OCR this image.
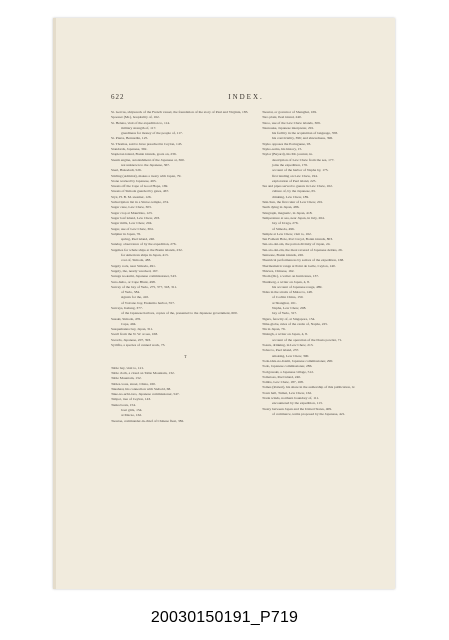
622	INDEX.
St. Gervas, shipwreck of the French vessel, the foundation of the story of Paul and Virginia, 183.
Spooner (Mr.), hospitality of, 162.
St. Helena, visit of the expedition to, 114.
military strength of, 117.
greediness for money of the people of, 117.
St. Pierre, Bernardin, 125.
St. Thomas, said to have preached in Ceylon, 145.
Standards, Japanese, 392.
Stapleton island, Bonin islands, goats on, 236.
Steam engine, astonishment of the Japanese at, 360.
not unknown to the Japanese, 367.
Steel, Hakodadi, 526.
Stirling (Admiral), makes a treaty with Japan, 79.
Stone worked by Japanese, 465.
Streets off the Cape of Good Hope, 169.
Streets of Simoda guarded by gates, 467.
Styx, H. B. M. steamer, 126.
Subscription list in a Sintoo temple, 474.
Sugar cane, Lew Chew, 303.
Sugar crop at Mauritius, 123.
Sugar loaf island, Lew Chew, 203.
Sugar mills, Lew Chew, 204.
Sugar, use of Lew Chew, 304.
Sulphur in Japan, 76.
spring, Peel island, 240.
Sunday, observance of by the expedition, 276.
Supplies for whale ships at the Bonin islands, 232.
for American ships in Japan, 413.
cost of, Simoda, 483.
Supply rock, near Simoda, 491.
Supply, the, nearly wrecked, 167.
Suruga no-kami, Japanese commissioner, 543.
Suro-hubo, or Cape Blunt, 498.
Survey of the bay of Yedo, 275, 377, 318, 311.
of Yedo, 384.
signals for the, 410.
of Volcano bay, Endermo harbor, 557.
Surveys, Kelung, 377.
of the Japanese harbors, copies of the, presented to the Japanese government, 600.
Susaki, Simoda, 476.
Cape, 494.
Susquehanna bay, Japan, 311.
Swell from the N. W. at sea, 168.
Swords, Japanese, 207, 393.
Syrlifia, a species of canned work, 73.
T
Table bay, visit to, 121.
Table cloth, a cloud on Table Mountain, 132.
Table Mountain, 132.
Tables-vous, street, China, 160.
Takahasi, his connection with Siebold, 68.
Take-no-uchi-taro, Japanese commissioner, 547.
Talipot, tree of Ceylon, 143.
Tanka boats, 154.
boat girls, 154.
at Macao, 162.
Taoutae, commander-in-chief of Chinese fleet, 382.
Taoutai, or governor of Shanghai, 169.
Taro plant, Peel island, 240.
Tatoo, use of the Lew Chew islands, 309.
Tatenoske, Japanese interpreter, 291.
his facility in the acquisition of language, 358.
his conviviality, 396; and shrewdness, 396.
Tayko opposes the Portuguese, 93.
Tayko-soma, his history, 15.
Taylor (Bayard), his Mr. journal, in.
description of Lew Chew from the sea, 177.
joins the expedition, 176.
account of the harbor of Napha by, 175.
first landing on Lew Chew, 194.
exploration of Peel island, 225.
Tea and pipes served to guests in Lew Chew, 162.
culture of, by the Japanese, 65.
drinking, Lew Chew, 189.
Tein-Sun, the first ruler of Lew Chew, 201.
Teeth dying in Japan, 486.
Telegraph, magnetic, in Japan, 418.
Temperature at sea, near Japan, in July, 264.
bay of Uraga, 276.
of Simoda, 496.
Temple at Lew Chew, visit to, 162.
Ten Fathom Hole, Port Lloyd, Bonin islands, 803.
Ten-sio-dai-sin, the patron divinity of Japan, 24.
Ten-sio-dai-zin, the most revered of Japanese deities, 26.
Tentsone, Bonin islands, 226.
Theatrical performances by sailors of the expedition, 168.
Thermometric range at Point de Galle, Ceylon, 140.
Thieves, Chinese, 162.
Thom (Dr.), a writer on hurricanes, 137.
Thunberg, a writer on Japan, 4, 8.
his account of Japanese rouge, 489.
Tides in the straits of Malacca, 148.
of Cochin China, 150.
at Shanghai, 161.
Napha, Lew Chew, 208.
bay of Yedo, 317.
Tigers, ferocity of, at Singapore, 154.
Time-globe, rules of the castle of, Napha, 225.
Tin in Japan, 76.
Titsingh, a writer on Japan, 4, 8.
account of the operation of the Dosia powder, 71.
Toasts, drinking, in Lew Chew, 213.
Tobacco, Peel island, 237.
smoking, Lew Chew, 390.
Toda-idzu-no-Kami, Japanese commissioner, 290.
Todo, Japanese commissioner, 286.
Tocigawaki, a Japanese village, 512.
Tomatoes, Peel island, 240.
Tombs, Lew Chew, 187, 168.
Tomes (Robert), his share in the authorship of this publication, iv.
Town hall, Tumai, Lew Chew, 162.
Trade winds, northern boundary of, 111.
encountered by the expedition, 113.
Treaty between Japan and the United States, 409.
of commerce, terms proposed by the Japanese, 421.
20030150191_P719
